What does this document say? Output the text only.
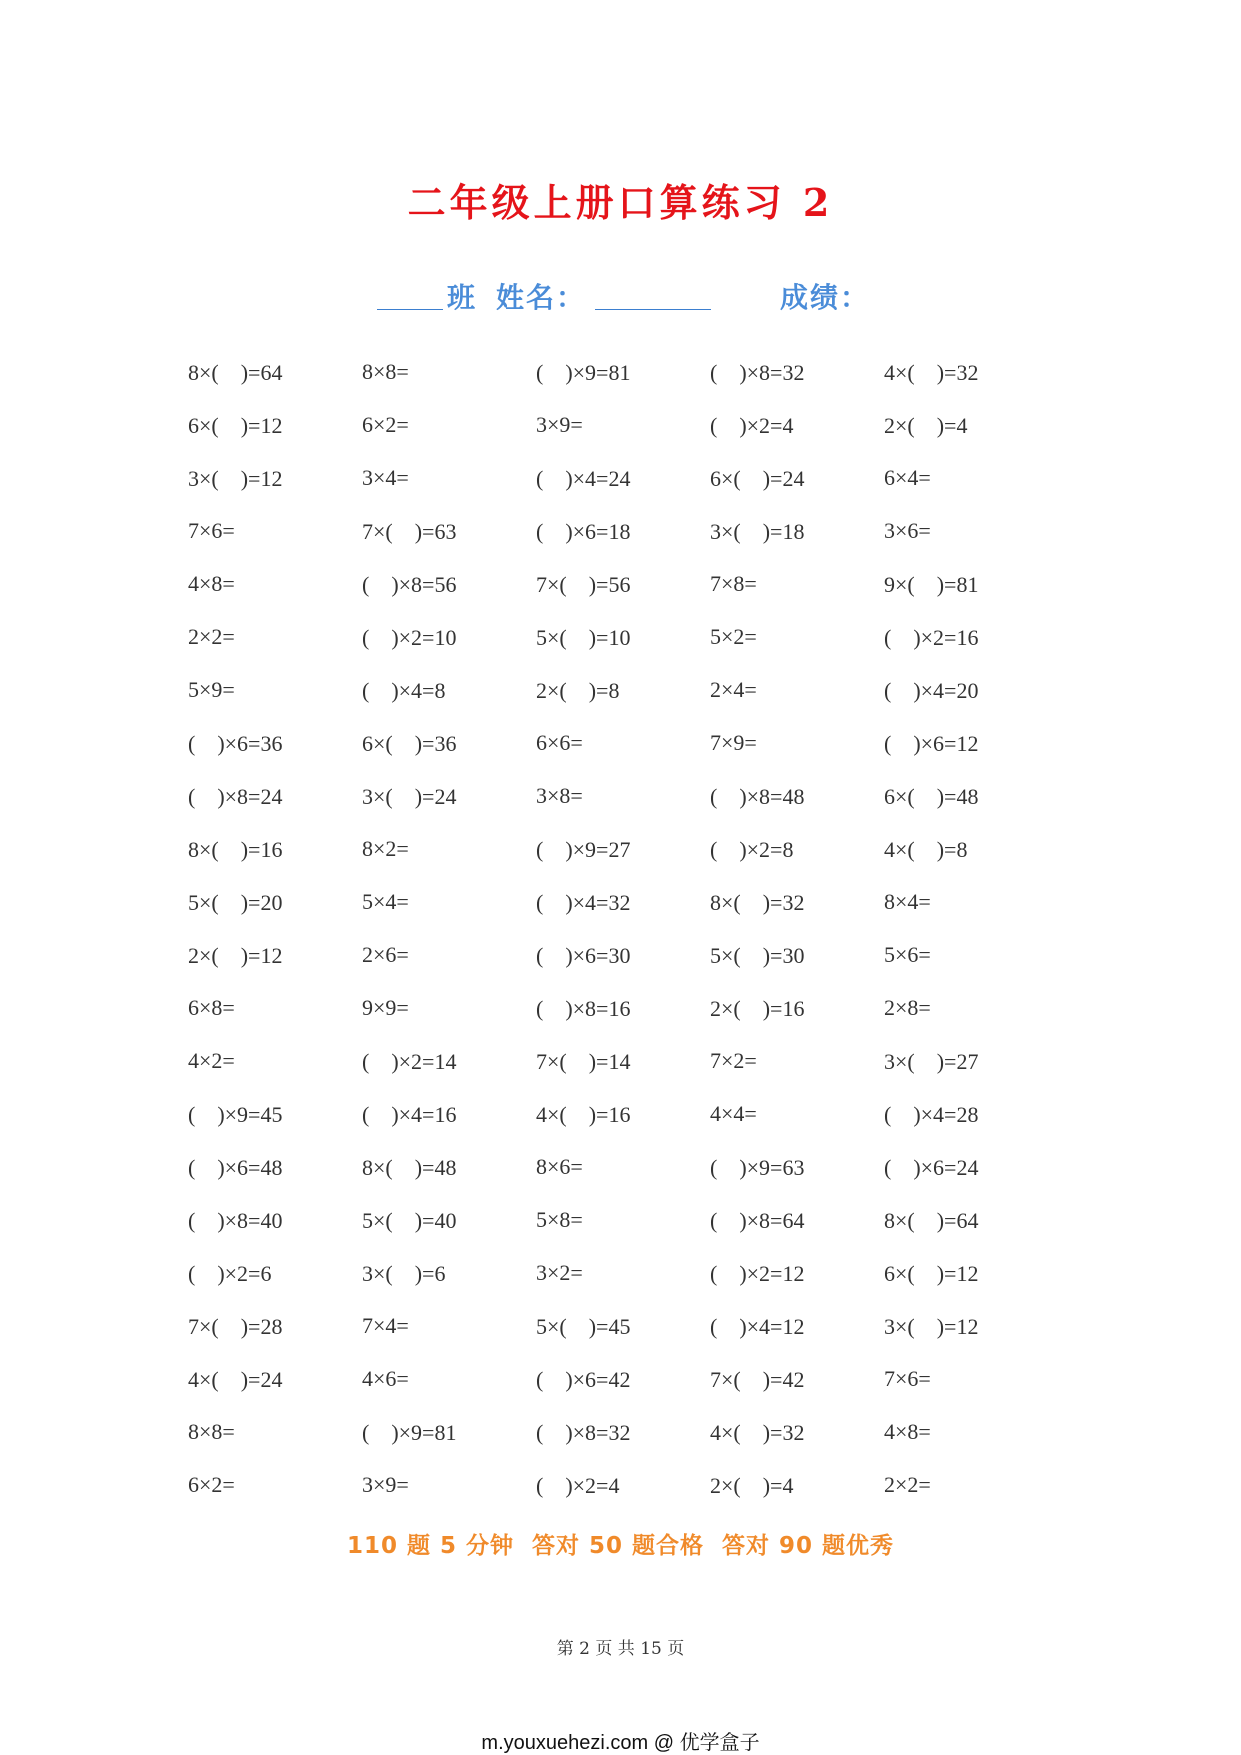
二年级上册口算练习 2
班 姓名：	成绩：
8×(　)=64	8×8=	(　)×9=81	(　)×8=32	4×(　)=32
6×(　)=12	6×2=	3×9=	(　)×2=4	2×(　)=4
3×(　)=12	3×4=	(　)×4=24	6×(　)=24	6×4=
7×6=	7×(　)=63	(　)×6=18	3×(　)=18	3×6=
4×8=	(　)×8=56	7×(　)=56	7×8=	9×(　)=81
2×2=	(　)×2=10	5×(　)=10	5×2=	(　)×2=16
5×9=	(　)×4=8	2×(　)=8	2×4=	(　)×4=20
(　)×6=36	6×(　)=36	6×6=	7×9=	(　)×6=12
(　)×8=24	3×(　)=24	3×8=	(　)×8=48	6×(　)=48
8×(　)=16	8×2=	(　)×9=27	(　)×2=8	4×(　)=8
5×(　)=20	5×4=	(　)×4=32	8×(　)=32	8×4=
2×(　)=12	2×6=	(　)×6=30	5×(　)=30	5×6=
6×8=	9×9=	(　)×8=16	2×(　)=16	2×8=
4×2=	(　)×2=14	7×(　)=14	7×2=	3×(　)=27
(　)×9=45	(　)×4=16	4×(　)=16	4×4=	(　)×4=28
(　)×6=48	8×(　)=48	8×6=	(　)×9=63	(　)×6=24
(　)×8=40	5×(　)=40	5×8=	(　)×8=64	8×(　)=64
(　)×2=6	3×(　)=6	3×2=	(　)×2=12	6×(　)=12
7×(　)=28	7×4=	5×(　)=45	(　)×4=12	3×(　)=12
4×(　)=24	4×6=	(　)×6=42	7×(　)=42	7×6=
8×8=	(　)×9=81	(　)×8=32	4×(　)=32	4×8=
6×2=	3×9=	(　)×2=4	2×(　)=4	2×2=
110 题 5 分钟  答对 50 题合格  答对 90 题优秀
第 2 页 共 15 页
m.youxuehezi.com @ 优学盒子
